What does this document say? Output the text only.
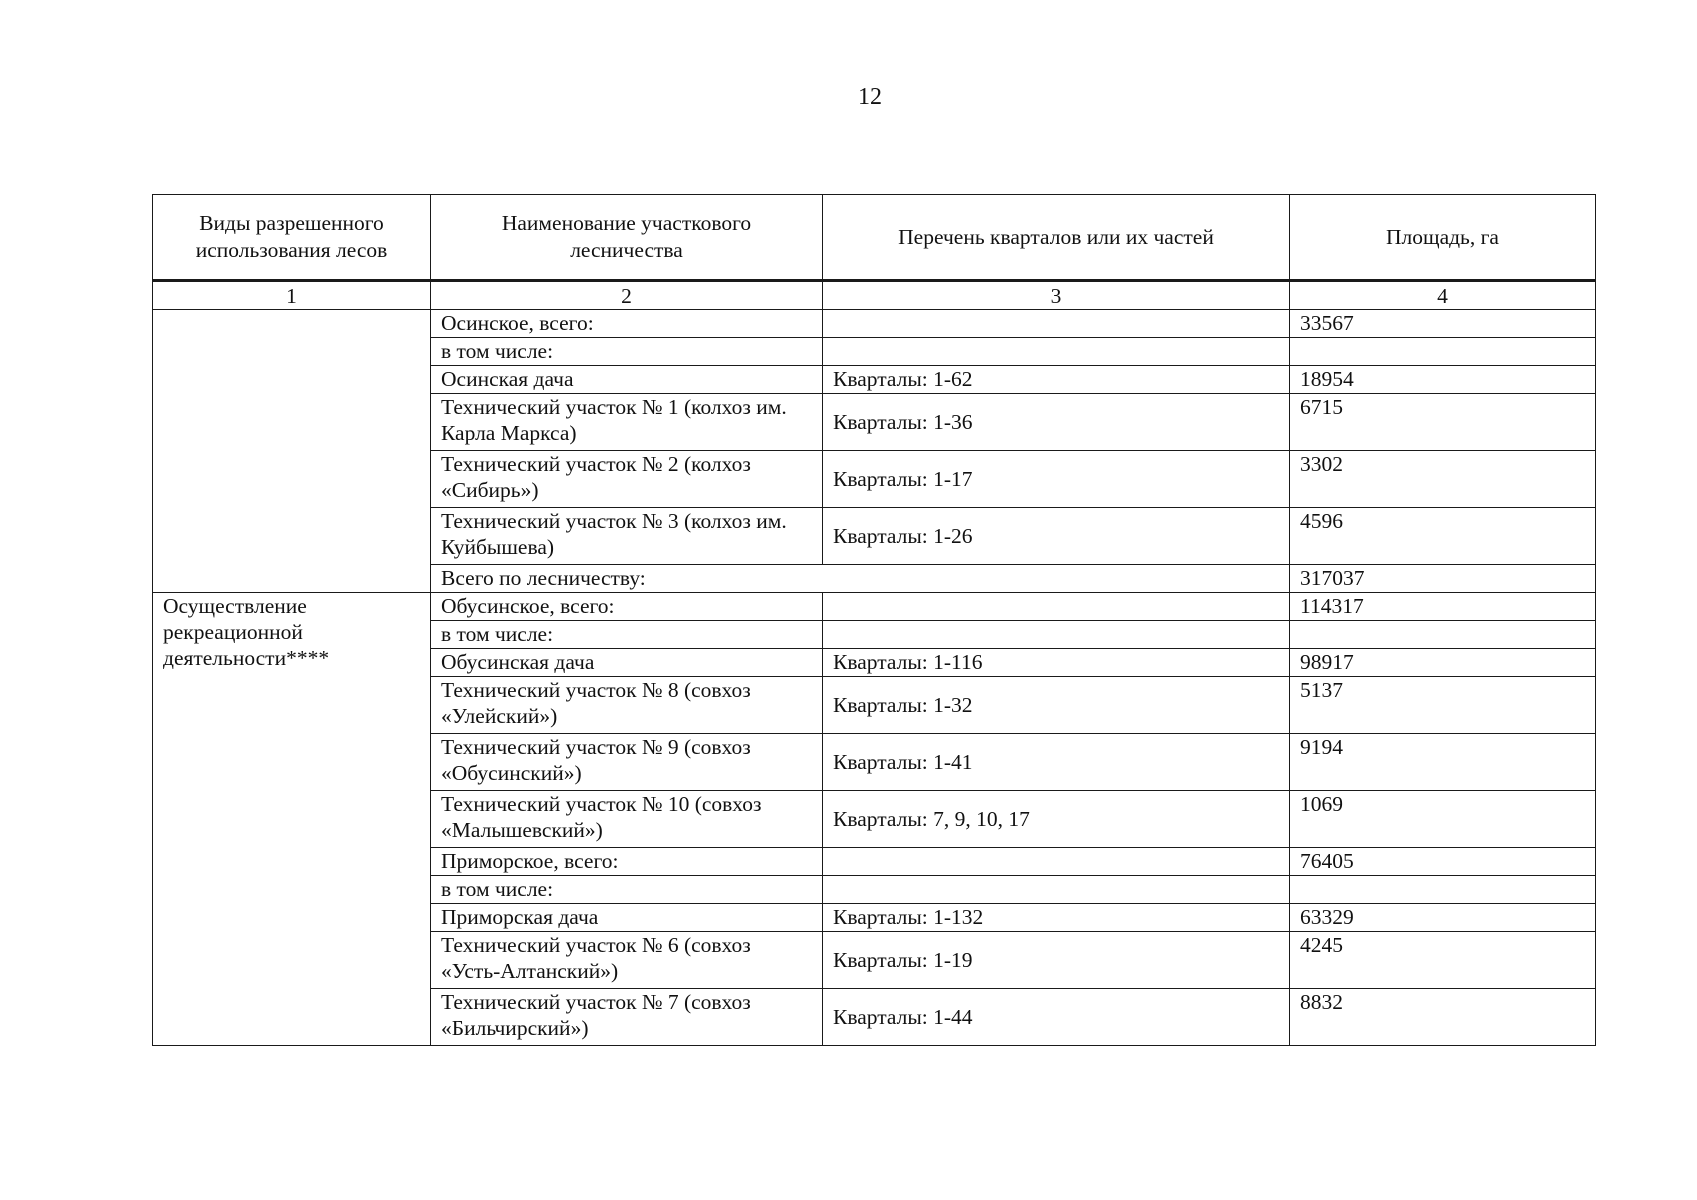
12
Виды разрешенного использования лесов	Наименование участкового лесничества	Перечень кварталов или их частей	Площадь, га
1	2	3	4
	Осинское, всего:		33567
	в том числе:		
	Осинская дача	Кварталы: 1-62	18954
	Технический участок № 1 (колхоз им. Карла Маркса)	Кварталы: 1-36	6715
	Технический участок № 2 (колхоз «Сибирь»)	Кварталы: 1-17	3302
	Технический участок № 3 (колхоз им. Куйбышева)	Кварталы: 1-26	4596
	Всего по лесничеству:		317037
Осуществление рекреационной деятельности****	Обусинское, всего:		114317
	в том числе:		
	Обусинская дача	Кварталы: 1-116	98917
	Технический участок № 8 (совхоз «Улейский»)	Кварталы: 1-32	5137
	Технический участок № 9 (совхоз «Обусинский»)	Кварталы: 1-41	9194
	Технический участок № 10 (совхоз «Малышевский»)	Кварталы: 7, 9, 10, 17	1069
	Приморское, всего:		76405
	в том числе:		
	Приморская дача	Кварталы: 1-132	63329
	Технический участок № 6 (совхоз «Усть-Алтанский»)	Кварталы: 1-19	4245
	Технический участок № 7 (совхоз «Бильчирский»)	Кварталы: 1-44	8832
